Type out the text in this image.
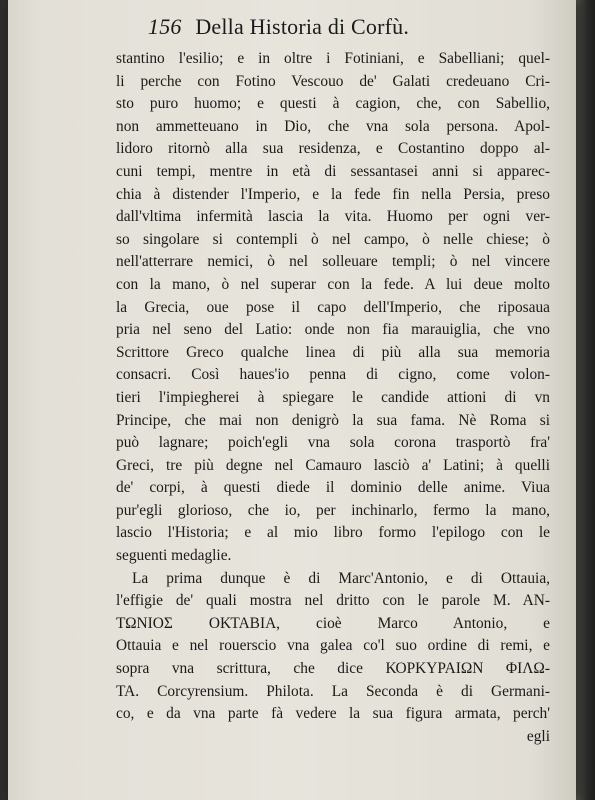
156 Della Historia di Corfù.
stantino l'esilio; e in oltre i Fotiniani, e Sabelliani; quel-
li perche con Fotino Vescouo de' Galati credeuano Cri-
sto puro huomo; e questi à cagion, che, con Sabellio,
non ammetteuano in Dio, che vna sola persona. Apol-
lidoro ritornò alla sua residenza, e Costantino doppo al-
cuni tempi, mentre in età di sessantasei anni si apparec-
chia à distender l'Imperio, e la fede fin nella Persia, preso
dall'vltima infermità lascia la vita. Huomo per ogni ver-
so singolare si contempli ò nel campo, ò nelle chiese; ò
nell'atterrare nemici, ò nel solleuare templi; ò nel vincere
con la mano, ò nel superar con la fede. A lui deue molto
la Grecia, oue pose il capo dell'Imperio, che riposaua
pria nel seno del Latio: onde non fia marauiglia, che vno
Scrittore Greco qualche linea di più alla sua memoria
consacri. Così haues'io penna di cigno, come volon-
tieri l'impiegherei à spiegare le candide attioni di vn
Principe, che mai non denigrò la sua fama. Nè Roma si
può lagnare; poich'egli vna sola corona trasportò fra'
Greci, tre più degne nel Camauro lasciò a' Latini; à quelli
de' corpi, à questi diede il dominio delle anime. Viua
pur'egli glorioso, che io, per inchinarlo, fermo la mano,
lascio l'Historia; e al mio libro formo l'epilogo con le
seguenti medaglie.
La prima dunque è di Marc'Antonio, e di Ottauia,
l'effigie de' quali mostra nel dritto con le parole M. AN-
ΤΩΝΙΟΣ ΟΚΤΑΒΙΑ, cioè Marco Antonio, e
Ottauia e nel rouerscio vna galea co'l suo ordine di remi, e
sopra vna scrittura, che dice ΚΟΡΚΥΡΑΙΩΝ ΦΙΛΩ-
ΤΑ. Corcyrensium. Philota. La Seconda è di Germani-
co, e da vna parte fà vedere la sua figura armata, perch'
egli
